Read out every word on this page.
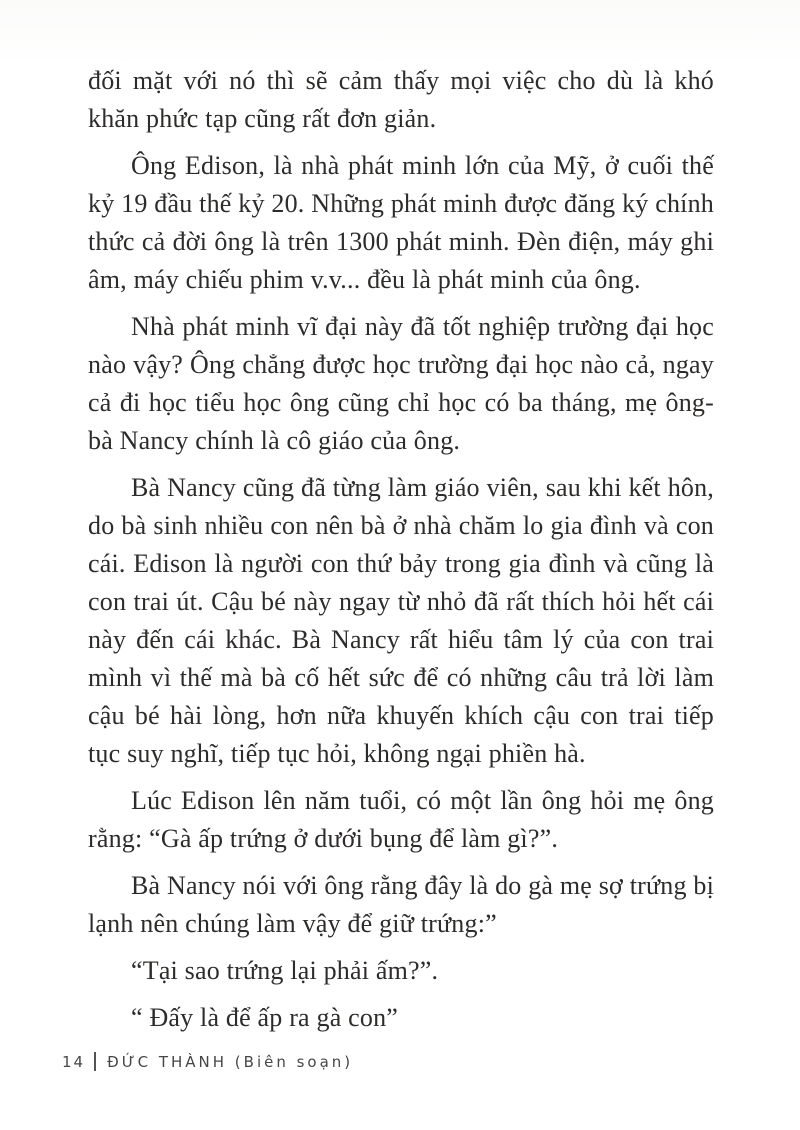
đối mặt với nó thì sẽ cảm thấy mọi việc cho dù là khó khăn phức tạp cũng rất đơn giản.

Ông Edison, là nhà phát minh lớn của Mỹ, ở cuối thế kỷ 19 đầu thế kỷ 20. Những phát minh được đăng ký chính thức cả đời ông là trên 1300 phát minh. Đèn điện, máy ghi âm, máy chiếu phim v.v... đều là phát minh của ông.

Nhà phát minh vĩ đại này đã tốt nghiệp trường đại học nào vậy? Ông chẳng được học trường đại học nào cả, ngay cả đi học tiểu học ông cũng chỉ học có ba tháng, mẹ ông- bà Nancy chính là cô giáo của ông.

Bà Nancy cũng đã từng làm giáo viên, sau khi kết hôn, do bà sinh nhiều con nên bà ở nhà chăm lo gia đình và con cái. Edison là người con thứ bảy trong gia đình và cũng là con trai út. Cậu bé này ngay từ nhỏ đã rất thích hỏi hết cái này đến cái khác. Bà Nancy rất hiểu tâm lý của con trai mình vì thế mà bà cố hết sức để có những câu trả lời làm cậu bé hài lòng, hơn nữa khuyến khích cậu con trai tiếp tục suy nghĩ, tiếp tục hỏi, không ngại phiền hà.

Lúc Edison lên năm tuổi, có một lần ông hỏi mẹ ông rằng: “Gà ấp trứng ở dưới bụng để làm gì?”.

Bà Nancy nói với ông rằng đây là do gà mẹ sợ trứng bị lạnh nên chúng làm vậy để giữ trứng:”

“Tại sao trứng lại phải ấm?”.

“ Đấy là để ấp ra gà con”

14 ĐỨC THÀNH (Biên soạn)
